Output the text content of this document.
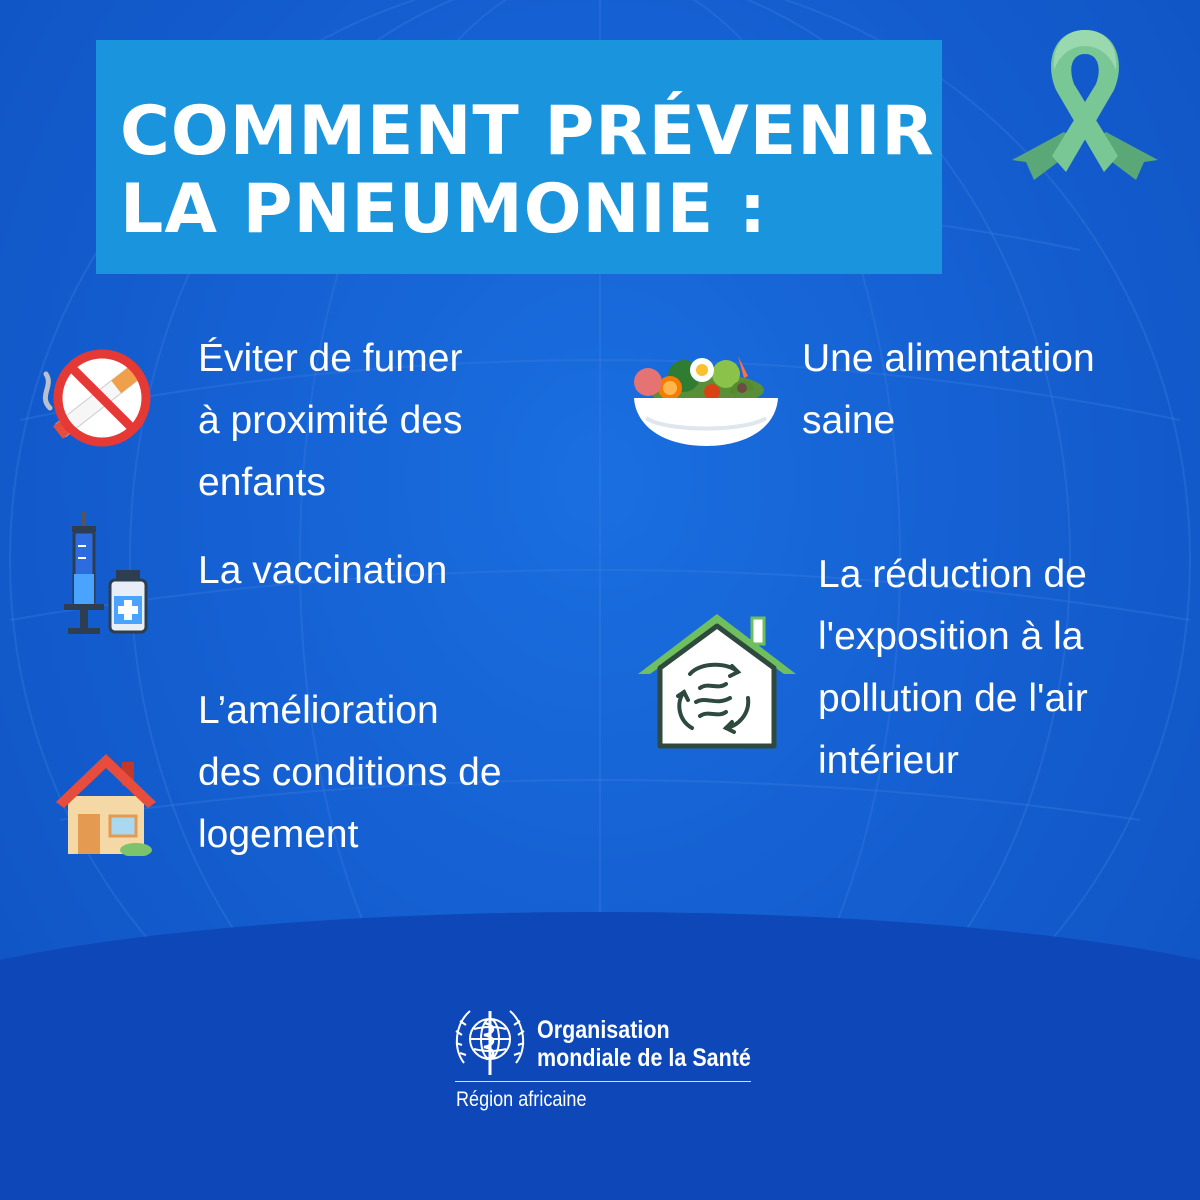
COMMENT PRÉVENIR
LA PNEUMONIE :
Éviter de fumer
à proximité des
enfants
La vaccination
L’amélioration
des conditions de
logement
Une alimentation
saine
La réduction de
l'exposition à la
pollution de l'air
intérieur
Organisation
mondiale de la Santé
Région africaine
